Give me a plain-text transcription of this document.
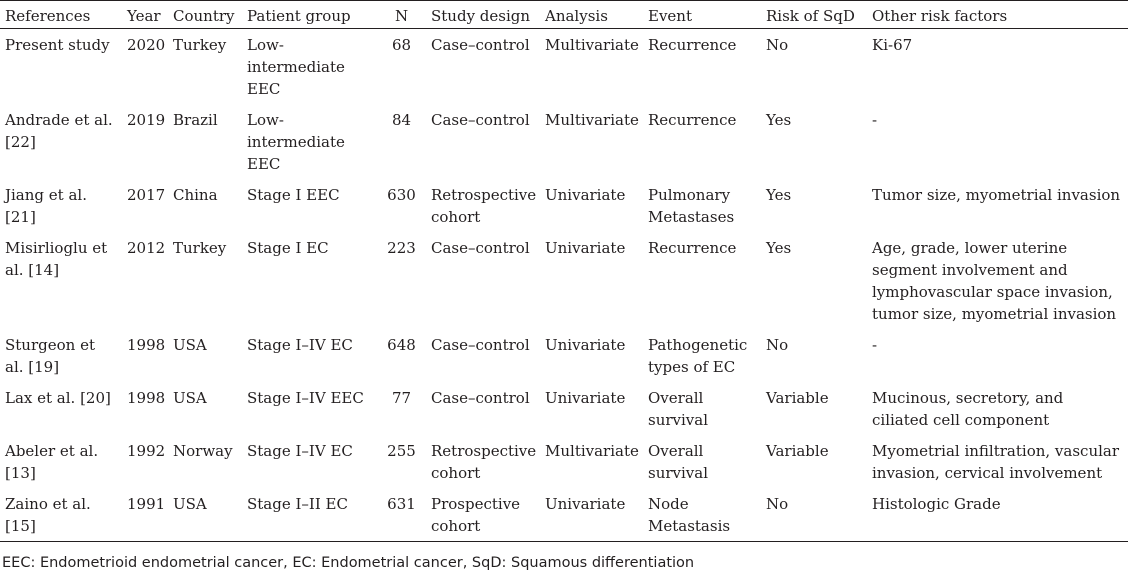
References	Year	Country	Patient group	N	Study design	Analysis	Event	Risk of SqD	Other risk factors
Present study	2020	Turkey	Low-intermediate EEC	68	Case–control	Multivariate	Recurrence	No	Ki-67
Andrade et al. [22]	2019	Brazil	Low-intermediate EEC	84	Case–control	Multivariate	Recurrence	Yes	-
Jiang et al. [21]	2017	China	Stage I EEC	630	Retrospective cohort	Univariate	Pulmonary Metastases	Yes	Tumor size, myometrial invasion
Misirlioglu et al. [14]	2012	Turkey	Stage I EC	223	Case–control	Univariate	Recurrence	Yes	Age, grade, lower uterine segment involvement and lymphovascular space invasion, tumor size, myometrial invasion
Sturgeon et al. [19]	1998	USA	Stage I–IV EC	648	Case–control	Univariate	Pathogenetic types of EC	No	-
Lax et al. [20]	1998	USA	Stage I–IV EEC	77	Case–control	Univariate	Overall survival	Variable	Mucinous, secretory, and ciliated cell component
Abeler et al. [13]	1992	Norway	Stage I–IV EC	255	Retrospective cohort	Multivariate	Overall survival	Variable	Myometrial infiltration, vascular invasion, cervical involvement
Zaino et al. [15]	1991	USA	Stage I–II EC	631	Prospective cohort	Univariate	Node Metastasis	No	Histologic Grade
EEC: Endometrioid endometrial cancer, EC: Endometrial cancer, SqD: Squamous differentiation
